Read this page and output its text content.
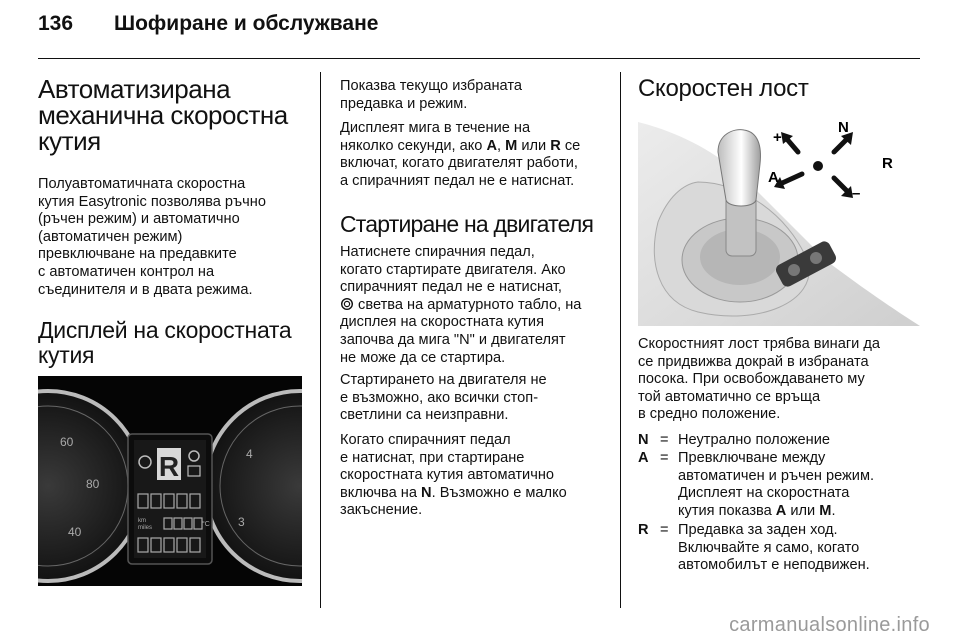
136 Шофиране и обслужване
Автоматизирана
механична скоростна
кутия

Полуавтоматичната скоростна

кутия Easytronic позволява ръчно

(ръчен режим) и автоматично

(автоматичен режим)

превключване на предавките

с автоматичен контрол на

съединителя и в двата режима.

Дисплей на скоростната
кутия
60
80
40
4
3
R
km
miles	°C

Показва текущо избраната

предавка и режим.

Дисплеят мига в течение на

няколко секунди, ако A, M или R се

включат, когато двигателят работи,

а спирачният педал не е натиснат.

Стартиране на двигателя

Натиснете спирачния педал,

когато стартирате двигателя. Ако

спирачният педал не е натиснат,

светва на арматурното табло, на

дисплея на скоростната кутия

започва да мига "N" и двигателят

не може да се стартира.

Стартирането на двигателя не

е възможно, ако всички стоп-

светлини са неизправни.

Когато спирачният педал

е натиснат, при стартиране

скоростната кутия автоматично

включва на N. Възможно е малко

закъснение.

Скоростен лост
+
N
A
R
–

Скоростният лост трябва винаги да

се придвижва докрай в избраната

посока. При освобождаването му

той автоматично се връща

в средно положение.

N = Неутрално положение
A = Превключване между
автоматичен и ръчен режим.
Дисплеят на скоростната
кутия показва A или M.
R = Предавка за заден ход.
Включвайте я само, когато
автомобилът е неподвижен.
carmanualsonline.info
